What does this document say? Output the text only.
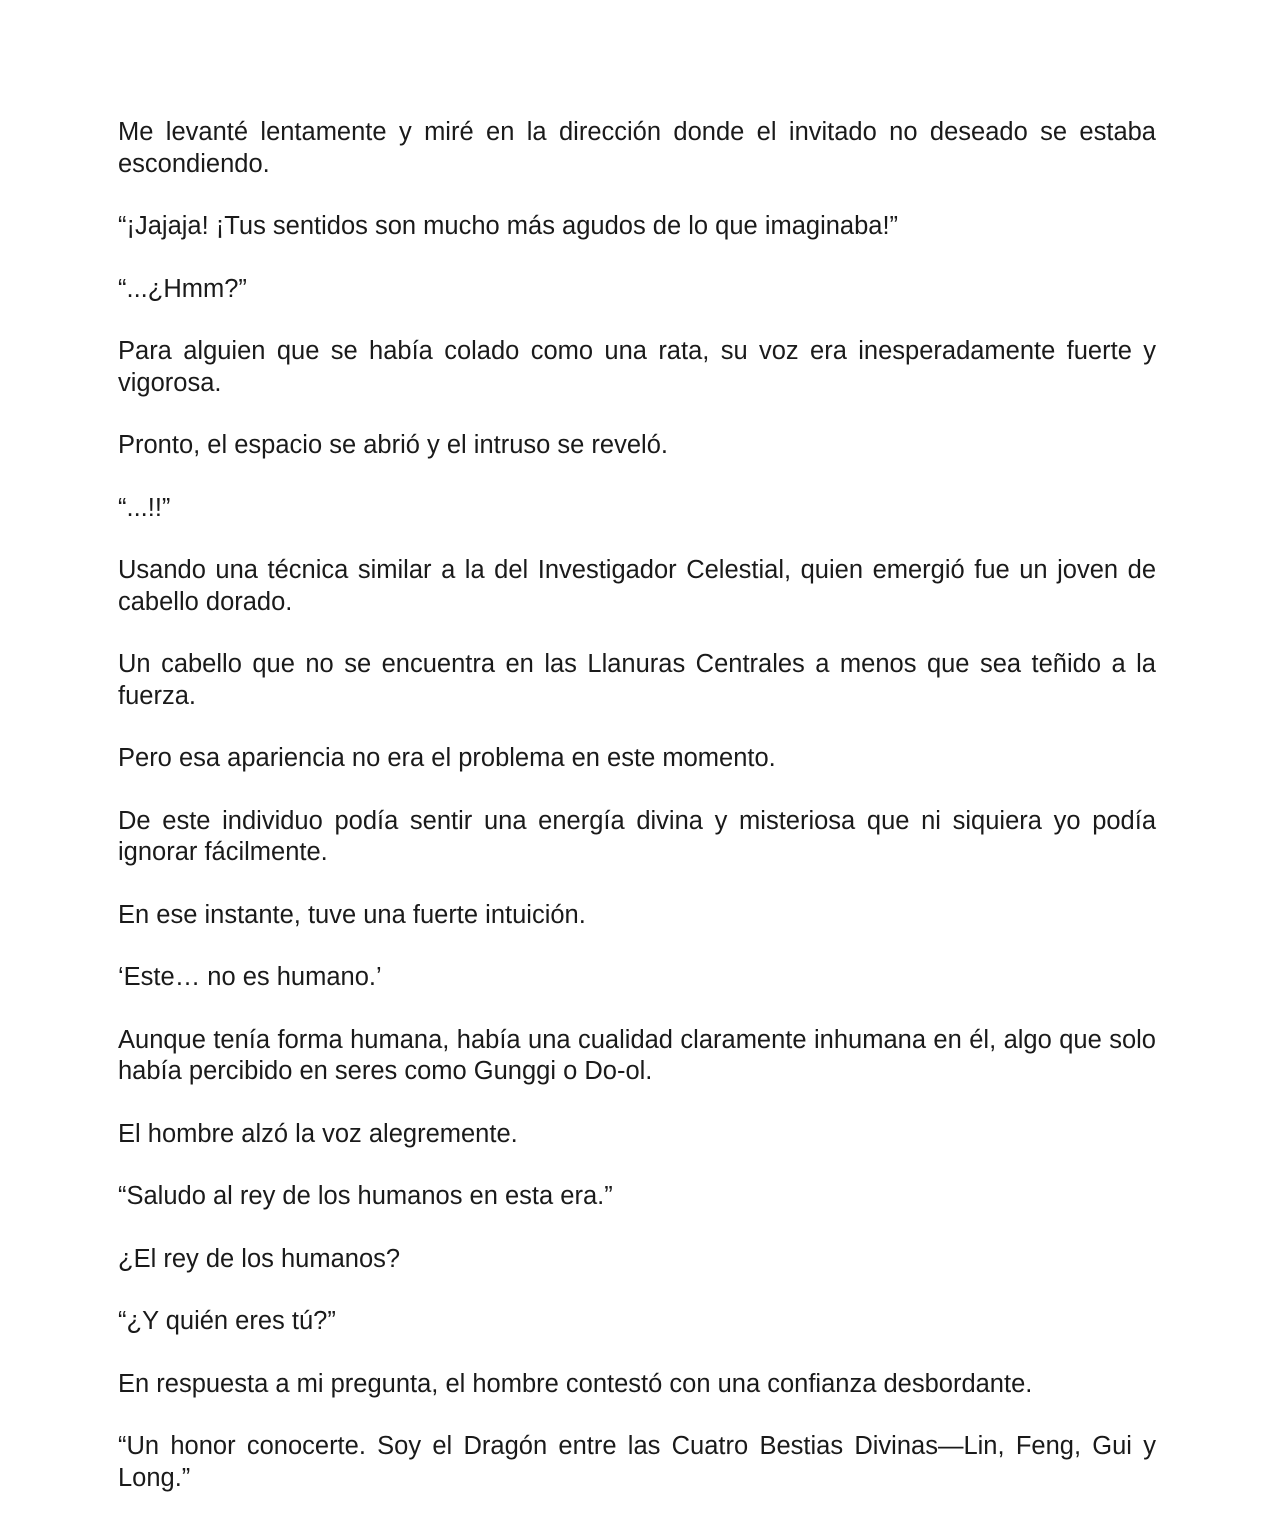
Me levanté lentamente y miré en la dirección donde el invitado no deseado se estaba escondiendo.

“¡Jajaja! ¡Tus sentidos son mucho más agudos de lo que imaginaba!”

“...¿Hmm?”

Para alguien que se había colado como una rata, su voz era inesperadamente fuerte y vigorosa.

Pronto, el espacio se abrió y el intruso se reveló.

“...!!”

Usando una técnica similar a la del Investigador Celestial, quien emergió fue un joven de cabello dorado.

Un cabello que no se encuentra en las Llanuras Centrales a menos que sea teñido a la fuerza.

Pero esa apariencia no era el problema en este momento.

De este individuo podía sentir una energía divina y misteriosa que ni siquiera yo podía ignorar fácilmente.

En ese instante, tuve una fuerte intuición.

‘Este… no es humano.’

Aunque tenía forma humana, había una cualidad claramente inhumana en él, algo que solo había percibido en seres como Gunggi o Do-ol.

El hombre alzó la voz alegremente.

“Saludo al rey de los humanos en esta era.”

¿El rey de los humanos?

“¿Y quién eres tú?”

En respuesta a mi pregunta, el hombre contestó con una confianza desbordante.

“Un honor conocerte. Soy el Dragón entre las Cuatro Bestias Divinas—Lin, Feng, Gui y Long.”
